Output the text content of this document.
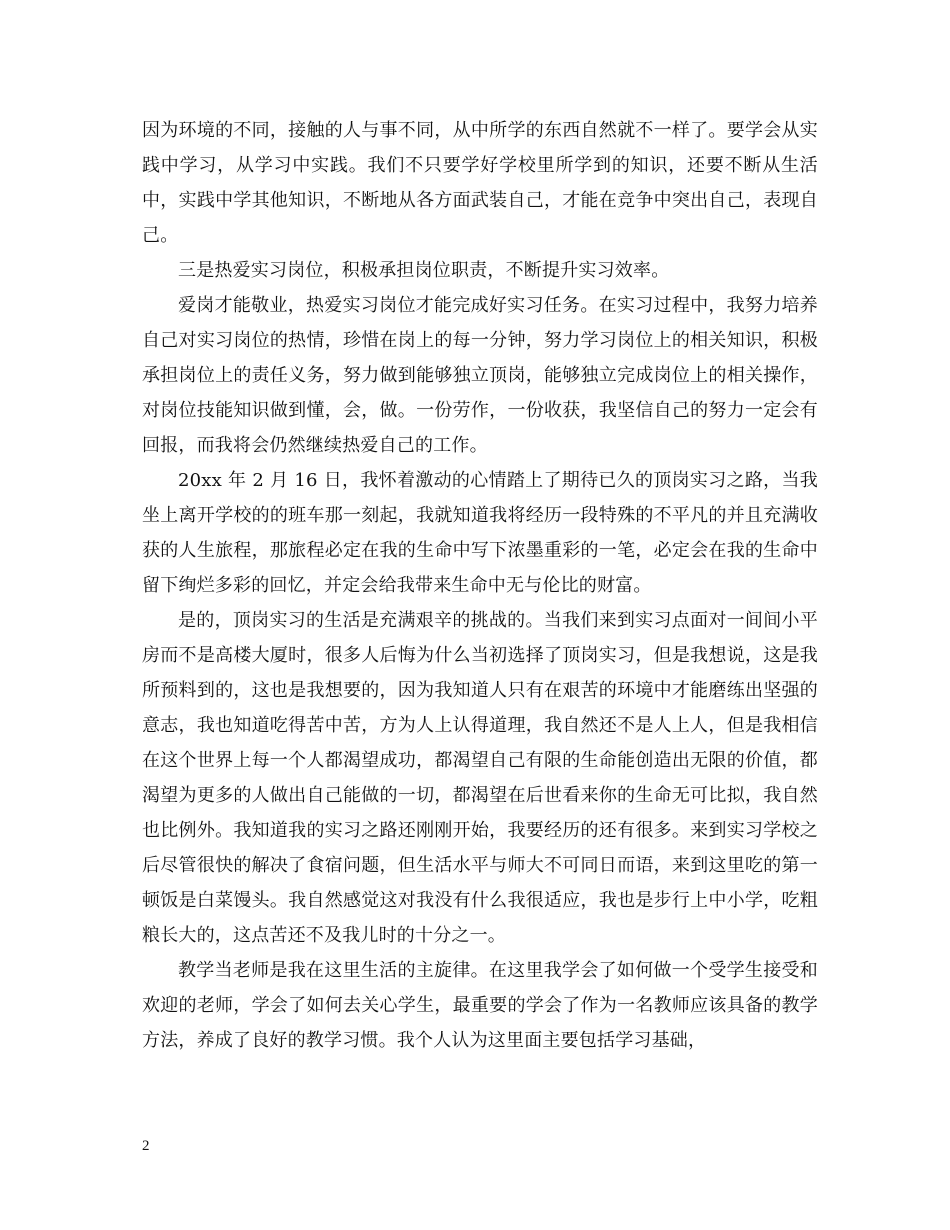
因为环境的不同，接触的人与事不同，从中所学的东西自然就不一样了。要学会从实践中学习，从学习中实践。我们不只要学好学校里所学到的知识，还要不断从生活中，实践中学其他知识，不断地从各方面武装自己，才能在竞争中突出自己，表现自己。

三是热爱实习岗位，积极承担岗位职责，不断提升实习效率。

爱岗才能敬业，热爱实习岗位才能完成好实习任务。在实习过程中，我努力培养自己对实习岗位的热情，珍惜在岗上的每一分钟，努力学习岗位上的相关知识，积极承担岗位上的责任义务，努力做到能够独立顶岗，能够独立完成岗位上的相关操作，对岗位技能知识做到懂，会，做。一份劳作，一份收获，我坚信自己的努力一定会有回报，而我将会仍然继续热爱自己的工作。

20xx 年 2 月 16 日，我怀着激动的心情踏上了期待已久的顶岗实习之路，当我坐上离开学校的的班车那一刻起，我就知道我将经历一段特殊的不平凡的并且充满收获的人生旅程，那旅程必定在我的生命中写下浓墨重彩的一笔，必定会在我的生命中留下绚烂多彩的回忆，并定会给我带来生命中无与伦比的财富。

是的，顶岗实习的生活是充满艰辛的挑战的。当我们来到实习点面对一间间小平房而不是高楼大厦时，很多人后悔为什么当初选择了顶岗实习，但是我想说，这是我所预料到的，这也是我想要的，因为我知道人只有在艰苦的环境中才能磨练出坚强的意志，我也知道吃得苦中苦，方为人上认得道理，我自然还不是人上人，但是我相信在这个世界上每一个人都渴望成功，都渴望自己有限的生命能创造出无限的价值，都渴望为更多的人做出自己能做的一切，都渴望在后世看来你的生命无可比拟，我自然也比例外。我知道我的实习之路还刚刚开始，我要经历的还有很多。来到实习学校之后尽管很快的解决了食宿问题，但生活水平与师大不可同日而语，来到这里吃的第一顿饭是白菜馒头。我自然感觉这对我没有什么我很适应，我也是步行上中小学，吃粗粮长大的，这点苦还不及我儿时的十分之一。

教学当老师是我在这里生活的主旋律。在这里我学会了如何做一个受学生接受和欢迎的老师，学会了如何去关心学生，最重要的学会了作为一名教师应该具备的教学方法，养成了良好的教学习惯。我个人认为这里面主要包括学习基础，

2
